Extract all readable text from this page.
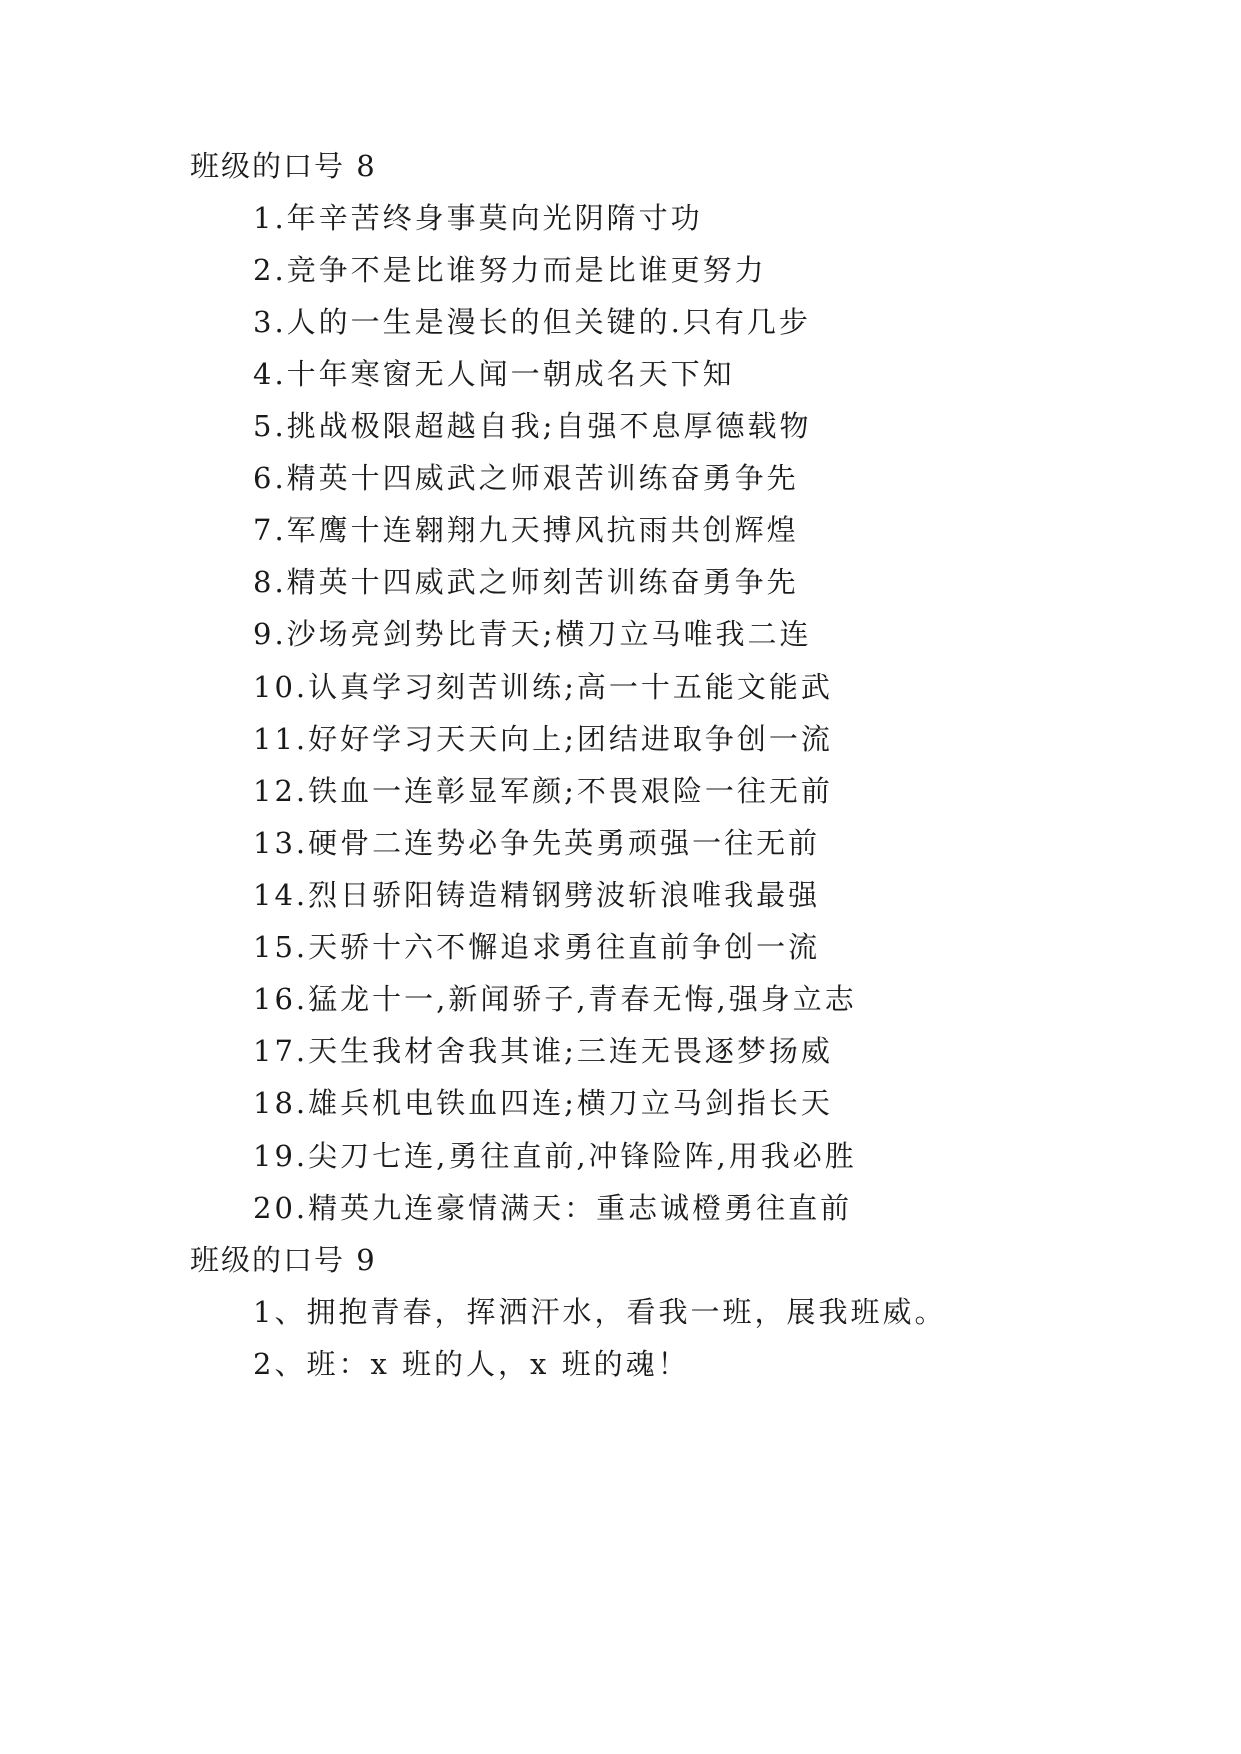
班级的口号 8
1.年辛苦终身事莫向光阴隋寸功
2.竞争不是比谁努力而是比谁更努力
3.人的一生是漫长的但关键的.只有几步
4.十年寒窗无人闻一朝成名天下知
5.挑战极限超越自我;自强不息厚德载物
6.精英十四威武之师艰苦训练奋勇争先
7.军鹰十连翱翔九天搏风抗雨共创辉煌
8.精英十四威武之师刻苦训练奋勇争先
9.沙场亮剑势比青天;横刀立马唯我二连
10.认真学习刻苦训练;高一十五能文能武
11.好好学习天天向上;团结进取争创一流
12.铁血一连彰显军颜;不畏艰险一往无前
13.硬骨二连势必争先英勇顽强一往无前
14.烈日骄阳铸造精钢劈波斩浪唯我最强
15.天骄十六不懈追求勇往直前争创一流
16.猛龙十一,新闻骄子,青春无悔,强身立志
17.天生我材舍我其谁;三连无畏逐梦扬威
18.雄兵机电铁血四连;横刀立马剑指长天
19.尖刀七连,勇往直前,冲锋险阵,用我必胜
20.精英九连豪情满天：重志诚橙勇往直前
班级的口号 9
1、拥抱青春，挥洒汗水，看我一班，展我班威。
2、班：x 班的人，x 班的魂！
